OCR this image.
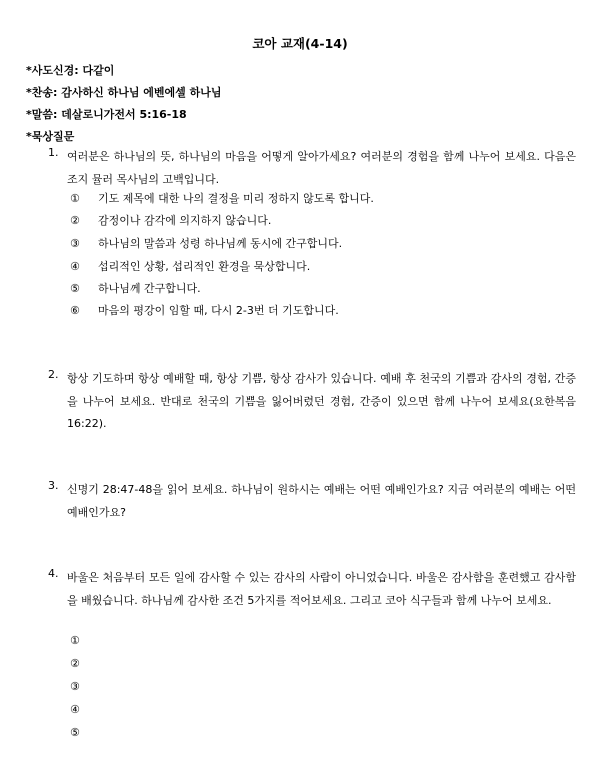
코아 교재(4-14)
*사도신경: 다같이
*찬송: 감사하신 하나님 에벤에셀 하나님
*말씀: 데살로니가전서 5:16-18
*묵상질문
1. 여러분은 하나님의 뜻, 하나님의 마음을 어떻게 알아가세요? 여러분의 경험을 함께 나누어 보세요. 다음은 조지 뮬러 목사님의 고백입니다.
① 기도 제목에 대한 나의 결정을 미리 정하지 않도록 합니다.
② 감정이나 감각에 의지하지 않습니다.
③ 하나님의 말씀과 성령 하나님께 동시에 간구합니다.
④ 섭리적인 상황, 섭리적인 환경을 묵상합니다.
⑤ 하나님께 간구합니다.
⑥ 마음의 평강이 임할 때, 다시 2-3번 더 기도합니다.
2. 항상 기도하며 항상 예배할 때, 항상 기쁨, 항상 감사가 있습니다. 예배 후 천국의 기쁨과 감사의 경험, 간증을 나누어 보세요. 반대로 천국의 기쁨을 잃어버렸던 경험, 간증이 있으면 함께 나누어 보세요(요한복음 16:22).
3. 신명기 28:47-48을 읽어 보세요. 하나님이 원하시는 예배는 어떤 예배인가요? 지금 여러분의 예배는 어떤 예배인가요?
4. 바울은 처음부터 모든 일에 감사할 수 있는 감사의 사람이 아니었습니다. 바울은 감사함을 훈련했고 감사함을 배웠습니다. 하나님께 감사한 조건 5가지를 적어보세요. 그리고 코아 식구들과 함께 나누어 보세요.
①
②
③
④
⑤
